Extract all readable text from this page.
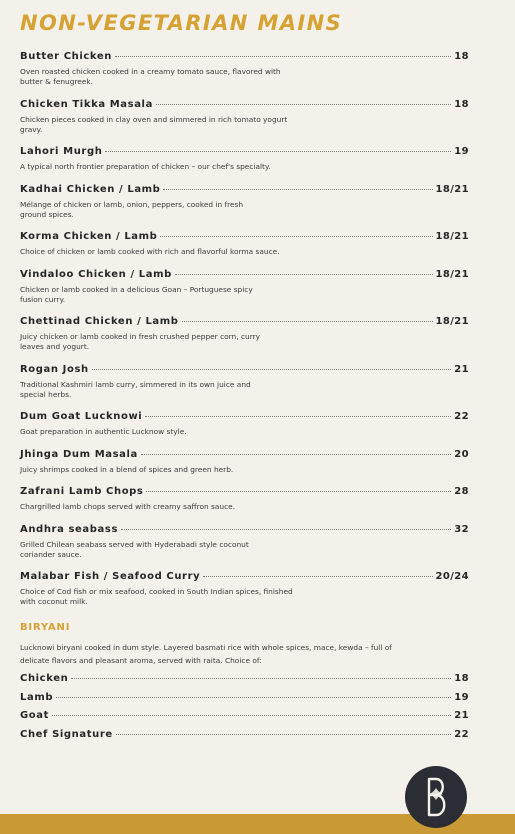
NON-VEGETARIAN MAINS
Butter Chicken	18
Oven roasted chicken cooked in a creamy tomato sauce, flavored with butter & fenugreek.
Chicken Tikka Masala	18
Chicken pieces cooked in clay oven and simmered in rich tomato yogurt gravy.
Lahori Murgh	19
A typical north frontier preparation of chicken – our chef's specialty.
Kadhai Chicken / Lamb	18/21
Mélange of chicken or lamb, onion, peppers, cooked in fresh ground spices.
Korma Chicken / Lamb	18/21
Choice of chicken or lamb cooked with rich and flavorful korma sauce.
Vindaloo Chicken / Lamb	18/21
Chicken or lamb cooked in a delicious Goan – Portuguese spicy fusion curry.
Chettinad Chicken / Lamb	18/21
Juicy chicken or lamb cooked in fresh crushed pepper corn, curry leaves and yogurt.
Rogan Josh	21
Traditional Kashmiri lamb curry, simmered in its own juice and special herbs.
Dum Goat Lucknowi	22
Goat preparation in authentic Lucknow style.
Jhinga Dum Masala	20
Juicy shrimps cooked in a blend of spices and green herb.
Zafrani Lamb Chops	28
Chargrilled lamb chops served with creamy saffron sauce.
Andhra seabass	32
Grilled Chilean seabass served with Hyderabadi style coconut coriander sauce.
Malabar Fish / Seafood Curry	20/24
Choice of Cod fish or mix seafood, cooked in South Indian spices, finished with coconut milk.
BIRYANI
Lucknowi biryani cooked in dum style. Layered basmati rice with whole spices, mace, kewda – full of delicate flavors and pleasant aroma, served with raita. Choice of:
Chicken	18
Lamb	19
Goat	21
Chef Signature	22
